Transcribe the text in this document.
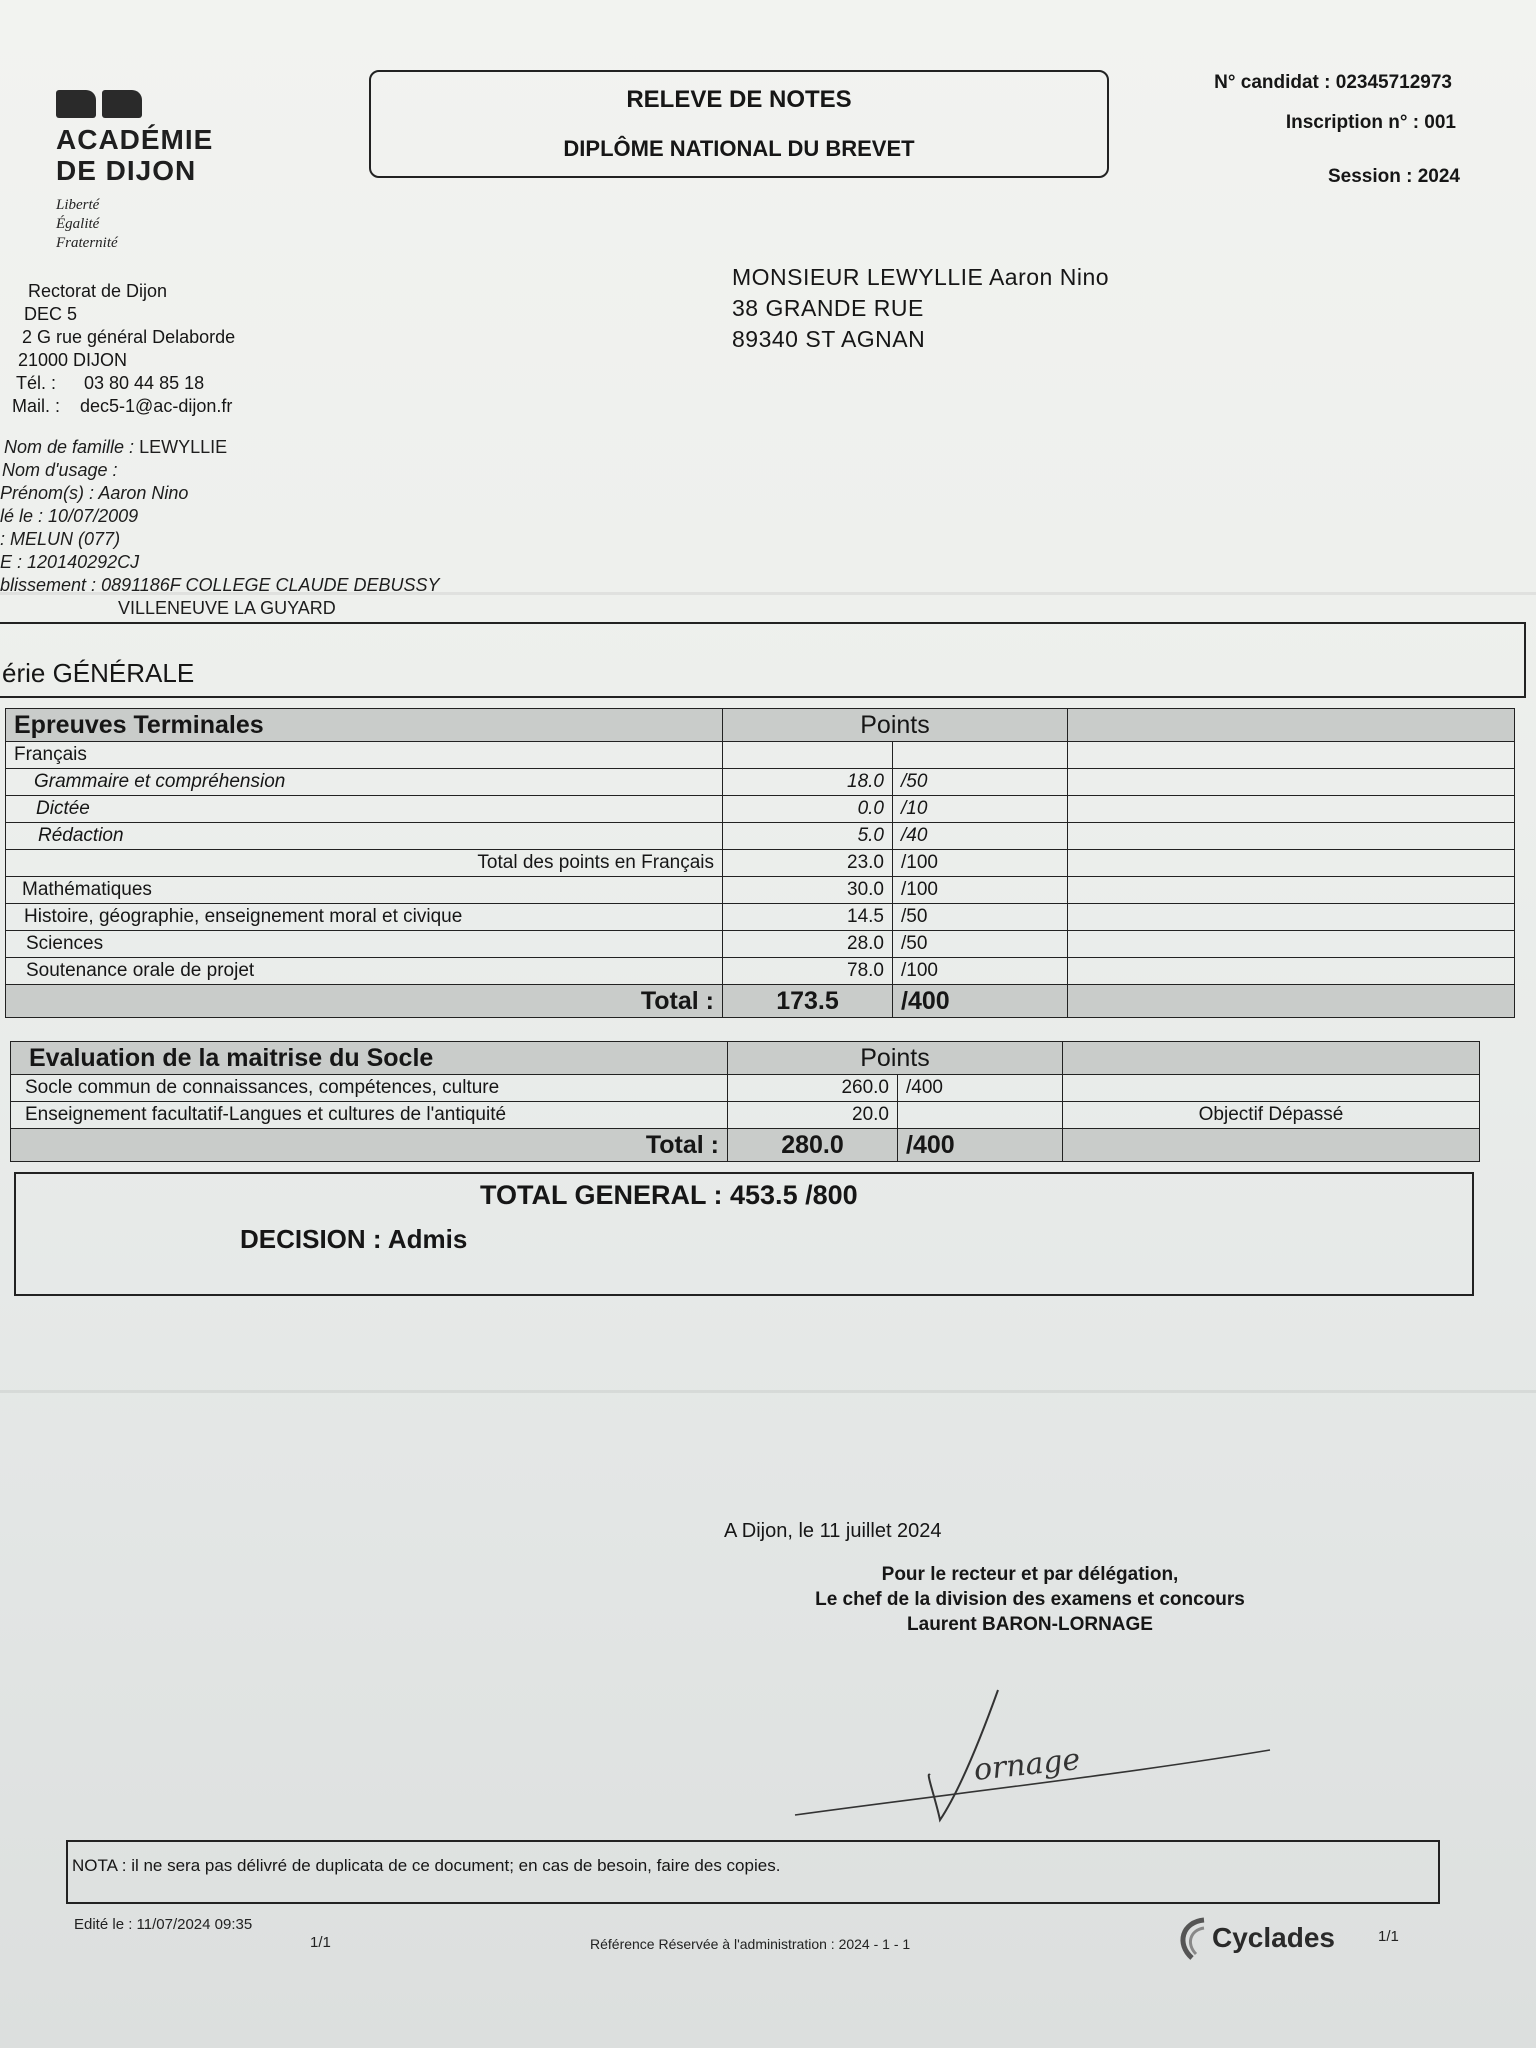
ACADÉMIE
DE DIJON
Liberté
Égalité
Fraternité
RELEVE DE NOTES
DIPLÔME NATIONAL DU BREVET
N° candidat : 02345712973
Inscription n° : 001
Session : 2024
Rectorat de Dijon
DEC 5
2 G rue général Delaborde
21000 DIJON
Tél. : 03 80 44 85 18
Mail. : dec5-1@ac-dijon.fr
MONSIEUR LEWYLLIE Aaron Nino
38 GRANDE RUE
89340 ST AGNAN
Nom de famille : LEWYLLIE
Nom d'usage :
Prénom(s) : Aaron Nino
lé le : 10/07/2009
: MELUN (077)
E : 120140292CJ
blissement : 0891186F COLLEGE CLAUDE DEBUSSY
VILLENEUVE LA GUYARD
érie GÉNÉRALE
Epreuves Terminales	Points		
Français			
Grammaire et compréhension	18.0	/50	
Dictée	0.0	/10	
Rédaction	5.0	/40	
Total des points en Français	23.0	/100	
Mathématiques	30.0	/100	
Histoire, géographie, enseignement moral et civique	14.5	/50	
Sciences	28.0	/50	
Soutenance orale de projet	78.0	/100	
Total :	173.5	/400	
Evaluation de la maitrise du Socle	Points		
Socle commun de connaissances, compétences, culture	260.0	/400	
Enseignement facultatif-Langues et cultures de l'antiquité	20.0		Objectif Dépassé
Total :	280.0	/400	
TOTAL GENERAL : 453.5 /800
DECISION : Admis
A Dijon, le 11 juillet 2024
Pour le recteur et par délégation,
Le chef de la division des examens et concours
Laurent BARON-LORNAGE
ornage
NOTA : il ne sera pas délivré de duplicata de ce document; en cas de besoin, faire des copies.
Edité le : 11/07/2024 09:35
1/1	Référence Réservée à l'administration : 2024 - 1 - 1	Cyclades	1/1
